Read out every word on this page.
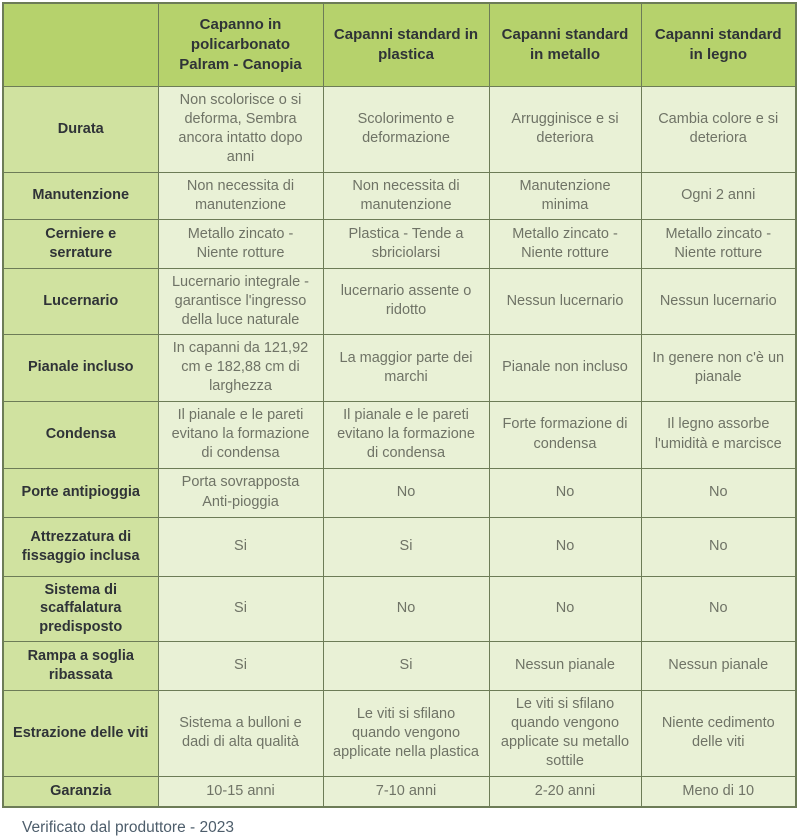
	Capanno in policarbonato Palram - Canopia	Capanni standard in plastica	Capanni standard in metallo	Capanni standard in legno
Durata	Non scolorisce o si deforma, Sembra ancora intatto dopo anni	Scolorimento e deformazione	Arrugginisce e si deteriora	Cambia colore e si deteriora
Manutenzione	Non necessita di manutenzione	Non necessita di manutenzione	Manutenzione minima	Ogni 2 anni
Cerniere e serrature	Metallo zincato - Niente rotture	Plastica - Tende a sbriciolarsi	Metallo zincato - Niente rotture	Metallo zincato - Niente rotture
Lucernario	Lucernario integrale - garantisce l'ingresso della luce naturale	lucernario assente o ridotto	Nessun lucernario	Nessun lucernario
Pianale incluso	In capanni da 121,92 cm e 182,88 cm di larghezza	La maggior parte dei marchi	Pianale non incluso	In genere non c'è un pianale
Condensa	Il pianale e le pareti evitano la formazione di condensa	Il pianale e le pareti evitano la formazione di condensa	Forte formazione di condensa	Il legno assorbe l'umidità e marcisce
Porte antipioggia	Porta sovrapposta Anti-pioggia	No	No	No
Attrezzatura di fissaggio inclusa	Si	Si	No	No
Sistema di scaffalatura predisposto	Si	No	No	No
Rampa a soglia ribassata	Si	Si	Nessun pianale	Nessun pianale
Estrazione delle viti	Sistema a bulloni e dadi di alta qualità	Le viti si sfilano quando vengono applicate nella plastica	Le viti si sfilano quando vengono applicate su metallo sottile	Niente cedimento delle viti
Garanzia	10-15 anni	7-10 anni	2-20 anni	Meno di 10
Verificato dal produttore - 2023
